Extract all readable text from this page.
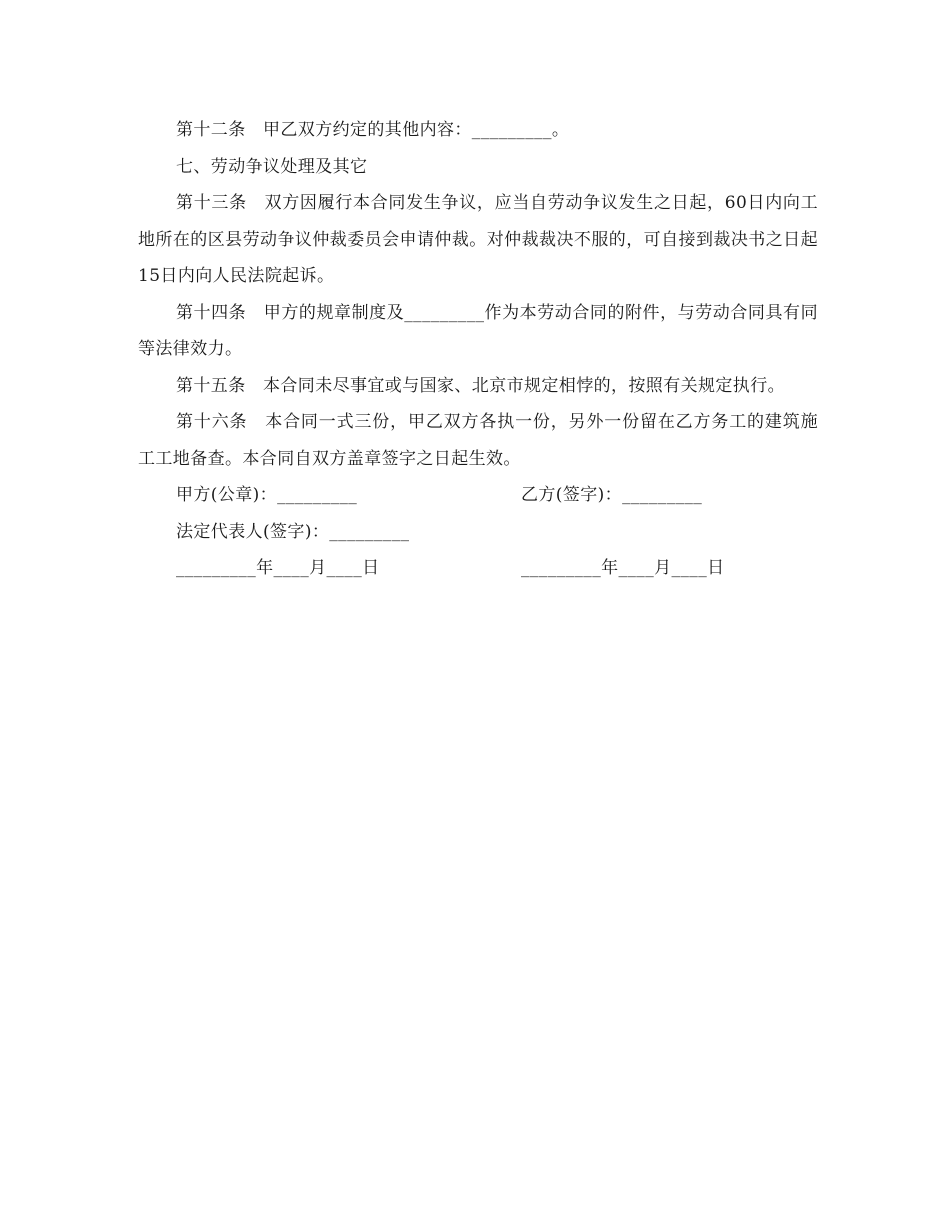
第十二条　甲乙双方约定的其他内容：_________。

七、劳动争议处理及其它

第十三条　双方因履行本合同发生争议，应当自劳动争议发生之日起，60日内向工地所在的区县劳动争议仲裁委员会申请仲裁。对仲裁裁决不服的，可自接到裁决书之日起15日内向人民法院起诉。

第十四条　甲方的规章制度及_________作为本劳动合同的附件，与劳动合同具有同等法律效力。

第十五条　本合同未尽事宜或与国家、北京市规定相悖的，按照有关规定执行。

第十六条　本合同一式三份，甲乙双方各执一份，另外一份留在乙方务工的建筑施工工地备查。本合同自双方盖章签字之日起生效。

甲方(公章)：_________	乙方(签字)：_________
法定代表人(签字)：_________
_________年____月____日	_________年____月____日
